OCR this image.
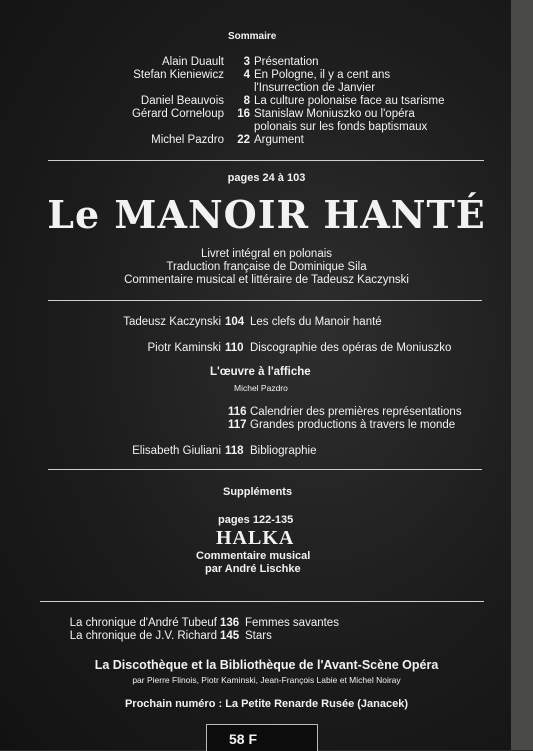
Sommaire
Alain Duault	3 Présentation
Stefan Kieniewicz	4 En Pologne, il y a cent ans
l'Insurrection de Janvier
Daniel Beauvois	8 La culture polonaise face au tsarisme
Gérard Corneloup	16 Stanislaw Moniuszko ou l'opéra
polonais sur les fonds baptismaux
Michel Pazdro	22 Argument
pages 24 à 103
Le MANOIR HANTÉ
Livret intégral en polonais
Traduction française de Dominique Sila
Commentaire musical et littéraire de Tadeusz Kaczynski
Tadeusz Kaczynski 104 Les clefs du Manoir hanté
Piotr Kaminski 110 Discographie des opéras de Moniuszko
L'œuvre à l'affiche
Michel Pazdro
116 Calendrier des premières représentations
117 Grandes productions à travers le monde
Elisabeth Giuliani 118 Bibliographie
Suppléments
pages 122-135
HALKA
Commentaire musical
par André Lischke
La chronique d'André Tubeuf 136 Femmes savantes
La chronique de J.V. Richard 145 Stars
La Discothèque et la Bibliothèque de l'Avant-Scène Opéra
par Pierre Flinois, Piotr Kaminski, Jean-François Labie et Michel Noiray
Prochain numéro : La Petite Renarde Rusée (Janacek)
58 F
